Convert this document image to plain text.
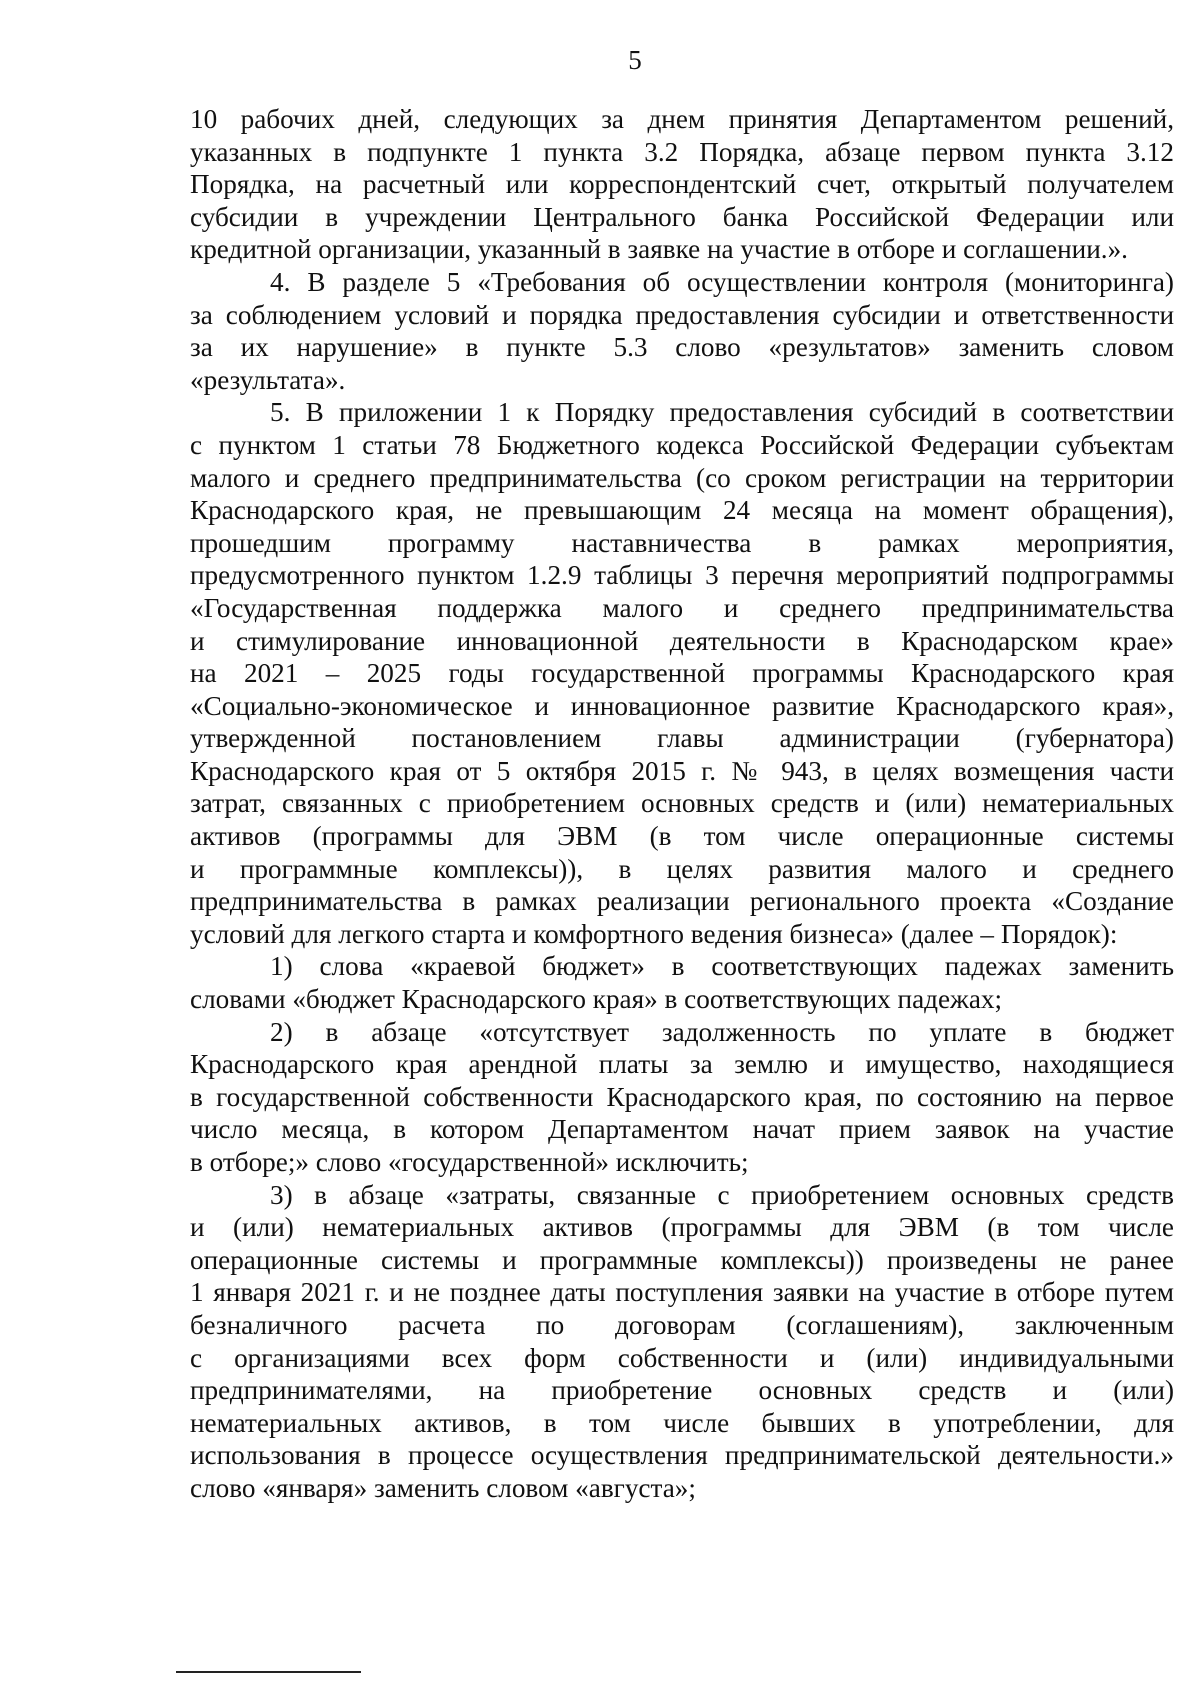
5
10 рабочих дней, следующих за днем принятия Департаментом решений,
указанных в подпункте 1 пункта 3.2 Порядка, абзаце первом пункта 3.12
Порядка, на расчетный или корреспондентский счет, открытый получателем
субсидии в учреждении Центрального банка Российской Федерации или
кредитной организации, указанный в заявке на участие в отборе и соглашении.».
4. В разделе 5 «Требования об осуществлении контроля (мониторинга)
за соблюдением условий и порядка предоставления субсидии и ответственности
за их нарушение» в пункте 5.3 слово «результатов» заменить словом
«результата».
5. В приложении 1 к Порядку предоставления субсидий в соответствии
с пунктом 1 статьи 78 Бюджетного кодекса Российской Федерации субъектам
малого и среднего предпринимательства (со сроком регистрации на территории
Краснодарского края, не превышающим 24 месяца на момент обращения),
прошедшим программу наставничества в рамках мероприятия,
предусмотренного пунктом 1.2.9 таблицы 3 перечня мероприятий подпрограммы
«Государственная поддержка малого и среднего предпринимательства
и стимулирование инновационной деятельности в Краснодарском крае»
на 2021 – 2025 годы государственной программы Краснодарского края
«Социально-экономическое и инновационное развитие Краснодарского края»,
утвержденной постановлением главы администрации (губернатора)
Краснодарского края от 5 октября 2015 г. № 943, в целях возмещения части
затрат, связанных с приобретением основных средств и (или) нематериальных
активов (программы для ЭВМ (в том числе операционные системы
и программные комплексы)), в целях развития малого и среднего
предпринимательства в рамках реализации регионального проекта «Создание
условий для легкого старта и комфортного ведения бизнеса» (далее – Порядок):
1) слова «краевой бюджет» в соответствующих падежах заменить
словами «бюджет Краснодарского края» в соответствующих падежах;
2) в абзаце «отсутствует задолженность по уплате в бюджет
Краснодарского края арендной платы за землю и имущество, находящиеся
в государственной собственности Краснодарского края, по состоянию на первое
число месяца, в котором Департаментом начат прием заявок на участие
в отборе;» слово «государственной» исключить;
3) в абзаце «затраты, связанные с приобретением основных средств
и (или) нематериальных активов (программы для ЭВМ (в том числе
операционные системы и программные комплексы)) произведены не ранее
1 января 2021 г. и не позднее даты поступления заявки на участие в отборе путем
безналичного расчета по договорам (соглашениям), заключенным
с организациями всех форм собственности и (или) индивидуальными
предпринимателями, на приобретение основных средств и (или)
нематериальных активов, в том числе бывших в употреблении, для
использования в процессе осуществления предпринимательской деятельности.»
слово «января» заменить словом «августа»;
